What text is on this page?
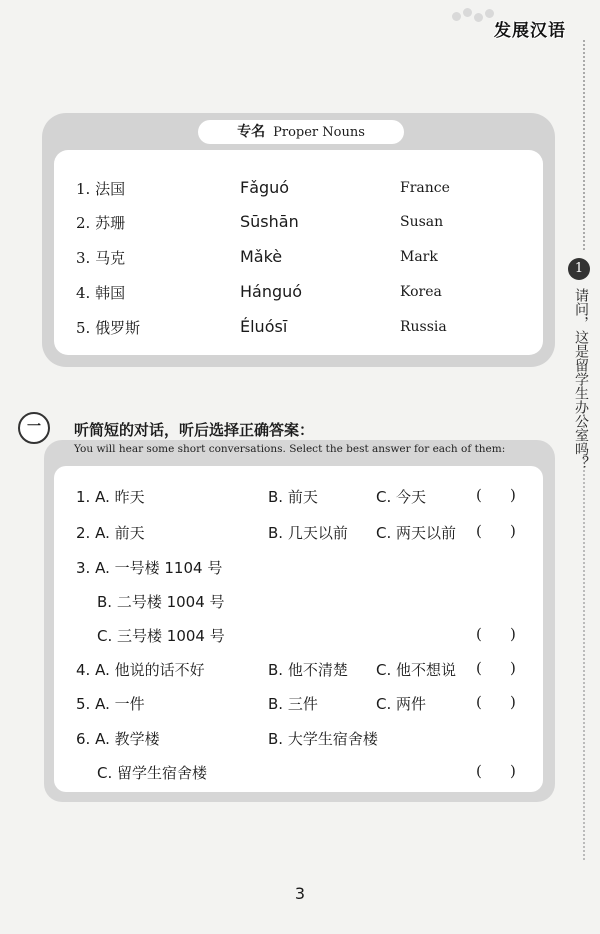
发展汉语
1
请问，这是留学生办公室吗？
专名 Proper Nouns
1. 法国	Fǎguó	France
2. 苏珊	Sūshān	Susan
3. 马克	Mǎkè	Mark
4. 韩国	Hánguó	Korea
5. 俄罗斯	Éluósī	Russia
一	听简短的对话，听后选择正确答案：
You will hear some short conversations. Select the best answer for each of them:
1. A. 昨天	B. 前天	C. 今天	( )
2. A. 前天	B. 几天以前 C. 两天以前 ( )
3. A. 一号楼 1104 号
B. 二号楼 1004 号
C. 三号楼 1004 号	( )
4. A. 他说的话不好	B. 他不清楚 C. 他不想说 ( )
5. A. 一件	B. 三件	C. 两件	( )
6. A. 教学楼	B. 大学生宿舍楼
C. 留学生宿舍楼	( )
3
